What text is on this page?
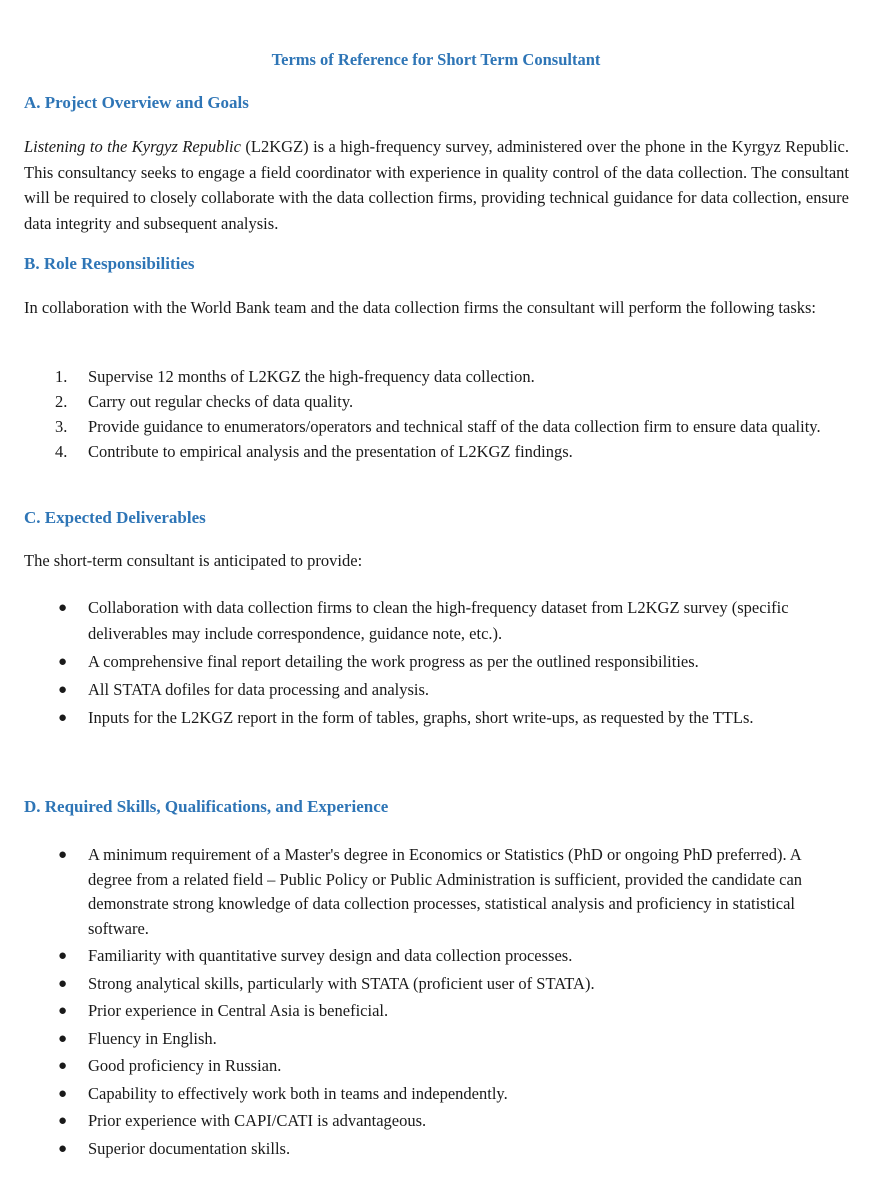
Terms of Reference for Short Term Consultant
A. Project Overview and Goals

Listening to the Kyrgyz Republic (L2KGZ) is a high-frequency survey, administered over the phone in the Kyrgyz Republic. This consultancy seeks to engage a field coordinator with experience in quality control of the data collection. The consultant will be required to closely collaborate with the data collection firms, providing technical guidance for data collection, ensure data integrity and subsequent analysis.

B. Role Responsibilities

In collaboration with the World Bank team and the data collection firms the consultant will perform the following tasks:

1. Supervise 12 months of L2KGZ the high-frequency data collection.
2. Carry out regular checks of data quality.
3. Provide guidance to enumerators/operators and technical staff of the data collection firm to ensure data quality.
4. Contribute to empirical analysis and the presentation of L2KGZ findings.
C. Expected Deliverables

The short-term consultant is anticipated to provide:

● Collaboration with data collection firms to clean the high-frequency dataset from L2KGZ survey (specific deliverables may include correspondence, guidance note, etc.).
● A comprehensive final report detailing the work progress as per the outlined responsibilities.
● All STATA dofiles for data processing and analysis.
● Inputs for the L2KGZ report in the form of tables, graphs, short write-ups, as requested by the TTLs.
D. Required Skills, Qualifications, and Experience
● A minimum requirement of a Master's degree in Economics or Statistics (PhD or ongoing PhD preferred). A degree from a related field – Public Policy or Public Administration is sufficient, provided the candidate can demonstrate strong knowledge of data collection processes, statistical analysis and proficiency in statistical software.
● Familiarity with quantitative survey design and data collection processes.
● Strong analytical skills, particularly with STATA (proficient user of STATA).
● Prior experience in Central Asia is beneficial.
● Fluency in English.
● Good proficiency in Russian.
● Capability to effectively work both in teams and independently.
● Prior experience with CAPI/CATI is advantageous.
● Superior documentation skills.
